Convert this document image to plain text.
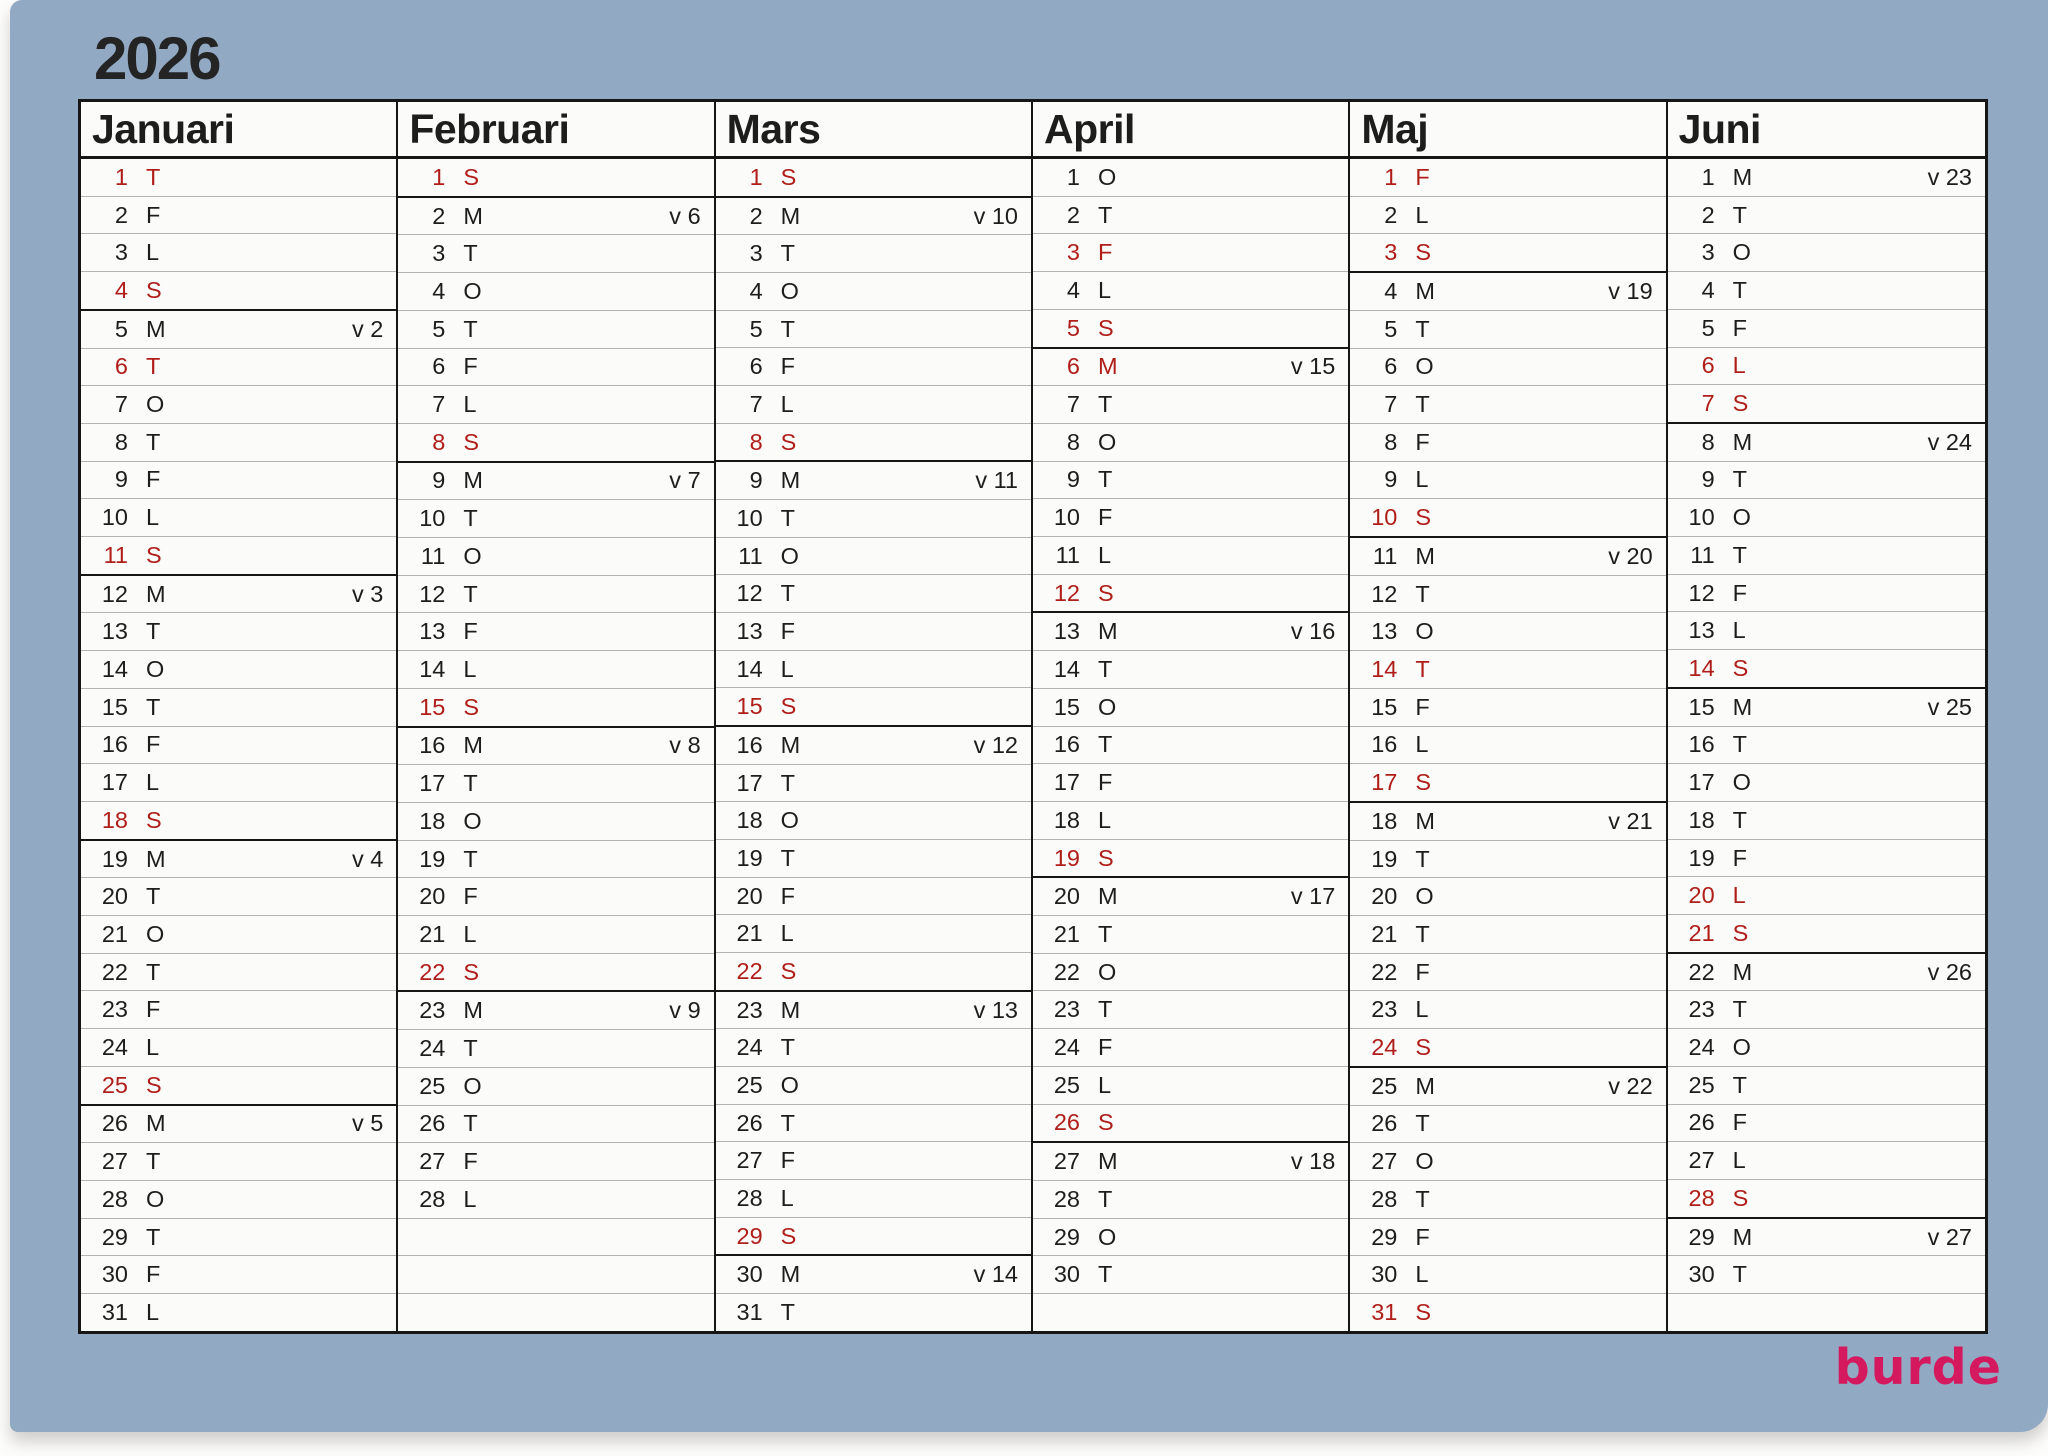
2026
Januari
1 T
2 F
3 L
4 S
5 M	v 2
6 T
7 O
8 T
9 F
10 L
11 S
12 M	v 3
13 T
14 O
15 T
16 F
17 L
18 S
19 M	v 4
20 T
21 O
22 T
23 F
24 L
25 S
26 M	v 5
27 T
28 O
29 T
30 F
31 L
Februari
1 S
2 M	v 6
3 T
4 O
5 T
6 F
7 L
8 S
9 M	v 7
10 T
11 O
12 T
13 F
14 L
15 S
16 M	v 8
17 T
18 O
19 T
20 F
21 L
22 S
23 M	v 9
24 T
25 O
26 T
27 F
28 L
Mars
1 S
2 M	v 10
3 T
4 O
5 T
6 F
7 L
8 S
9 M	v 11
10 T
11 O
12 T
13 F
14 L
15 S
16 M	v 12
17 T
18 O
19 T
20 F
21 L
22 S
23 M	v 13
24 T
25 O
26 T
27 F
28 L
29 S
30 M	v 14
31 T
April
1 O
2 T
3 F
4 L
5 S
6 M	v 15
7 T
8 O
9 T
10 F
11 L
12 S
13 M	v 16
14 T
15 O
16 T
17 F
18 L
19 S
20 M	v 17
21 T
22 O
23 T
24 F
25 L
26 S
27 M	v 18
28 T
29 O
30 T
Maj
1 F
2 L
3 S
4 M	v 19
5 T
6 O
7 T
8 F
9 L
10 S
11 M	v 20
12 T
13 O
14 T
15 F
16 L
17 S
18 M	v 21
19 T
20 O
21 T
22 F
23 L
24 S
25 M	v 22
26 T
27 O
28 T
29 F
30 L
31 S
Juni
1 M	v 23
2 T
3 O
4 T
5 F
6 L
7 S
8 M	v 24
9 T
10 O
11 T
12 F
13 L
14 S
15 M	v 25
16 T
17 O
18 T
19 F
20 L
21 S
22 M	v 26
23 T
24 O
25 T
26 F
27 L
28 S
29 M	v 27
30 T
burde
